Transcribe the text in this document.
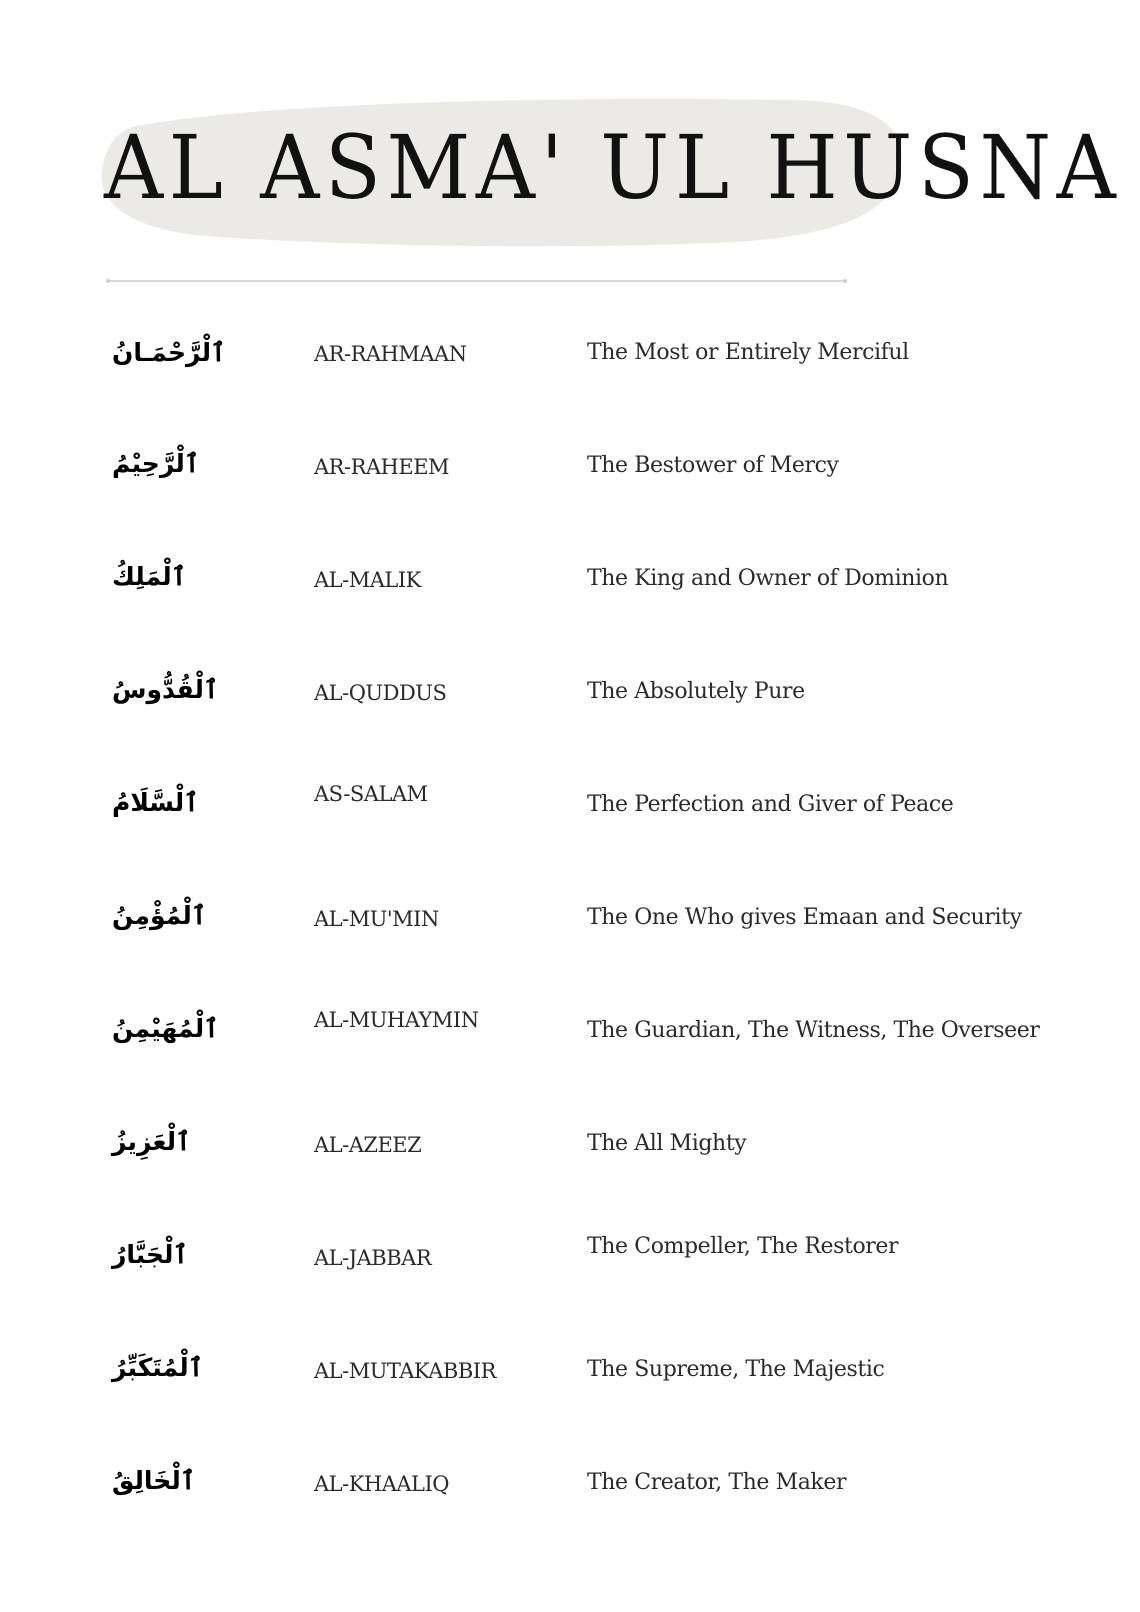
AL ASMA' UL HUSNA
ٱلْرَّحْمَـانُ	AR-RAHMAAN	The Most or Entirely Merciful
ٱلْرَّحِيْمُ	AR-RAHEEM	The Bestower of Mercy
ٱلْمَلِكُ	AL-MALIK	The King and Owner of Dominion
ٱلْقُدُّوسُ	AL-QUDDUS	The Absolutely Pure
ٱلْسَّلَامُ	AS-SALAM	The Perfection and Giver of Peace
ٱلْمُؤْمِنُ	AL-MU'MIN	The One Who gives Emaan and Security
ٱلْمُهَيْمِنُ	AL-MUHAYMIN	The Guardian, The Witness, The Overseer
ٱلْعَزِيزُ	AL-AZEEZ	The All Mighty
ٱلْجَبَّارُ	AL-JABBAR	The Compeller, The Restorer
ٱلْمُتَكَبِّرُ	AL-MUTAKABBIR	The Supreme, The Majestic
ٱلْخَالِقُ	AL-KHAALIQ	The Creator, The Maker
